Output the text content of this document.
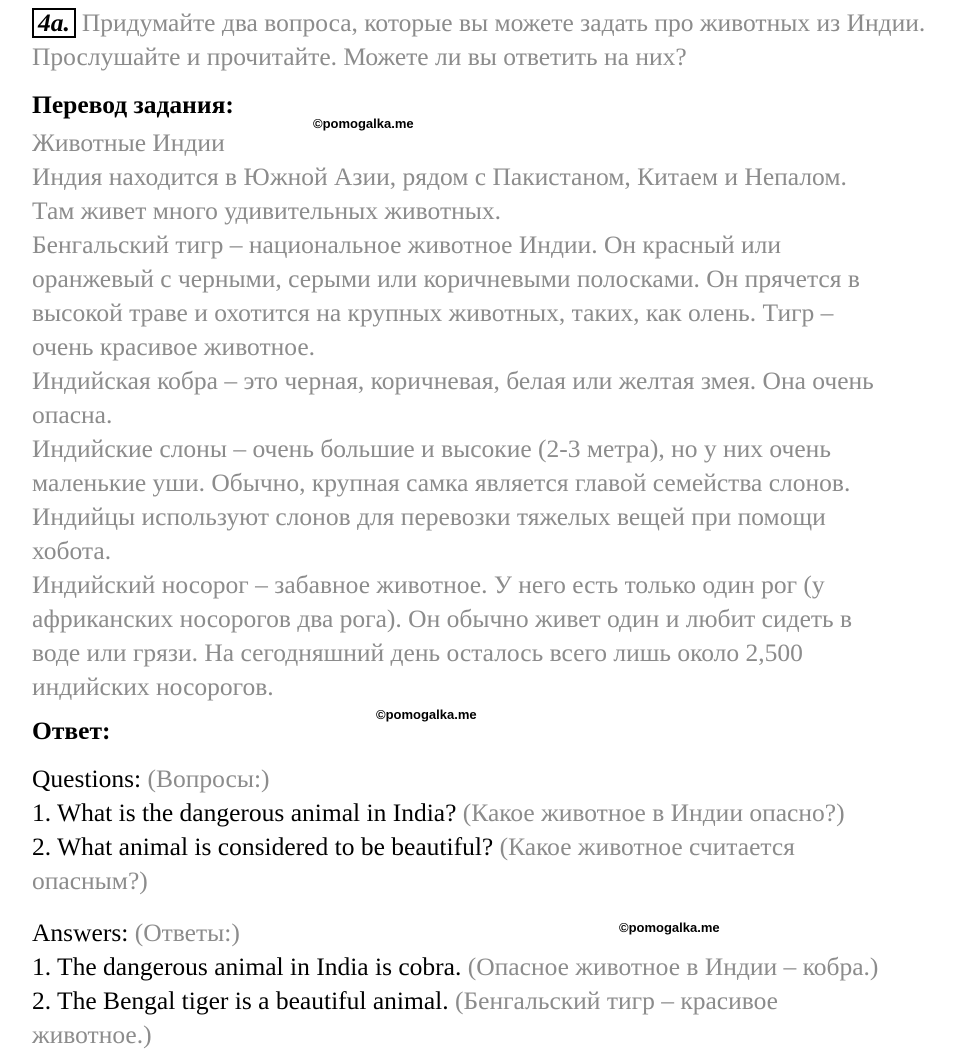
4a. Придумайте два вопроса, которые вы можете задать про животных из Индии. Прослушайте и прочитайте. Можете ли вы ответить на них?

Перевод задания:

Животные Индии

Индия находится в Южной Азии, рядом с Пакистаном, Китаем и Непалом.

Там живет много удивительных животных.

Бенгальский тигр – национальное животное Индии. Он красный или

оранжевый с черными, серыми или коричневыми полосками. Он прячется в

высокой траве и охотится на крупных животных, таких, как олень. Тигр –

очень красивое животное.

Индийская кобра – это черная, коричневая, белая или желтая змея. Она очень

опасна.

Индийские слоны – очень большие и высокие (2-3 метра), но у них очень

маленькие уши. Обычно, крупная самка является главой семейства слонов.

Индийцы используют слонов для перевозки тяжелых вещей при помощи

хобота.

Индийский носорог – забавное животное. У него есть только один рог (у

африканских носорогов два рога). Он обычно живет один и любит сидеть в

воде или грязи. На сегодняшний день осталось всего лишь около 2,500

индийских носорогов.

Ответ:

Questions: (Вопросы:)

1. What is the dangerous animal in India? (Какое животное в Индии опасно?)

2. What animal is considered to be beautiful? (Какое животное считается

опасным?)

Answers: (Ответы:)

1. The dangerous animal in India is cobra. (Опасное животное в Индии – кобра.)

2. The Bengal tiger is a beautiful animal. (Бенгальский тигр – красивое

животное.)

©pomogalka.me
©pomogalka.me
©pomogalka.me
